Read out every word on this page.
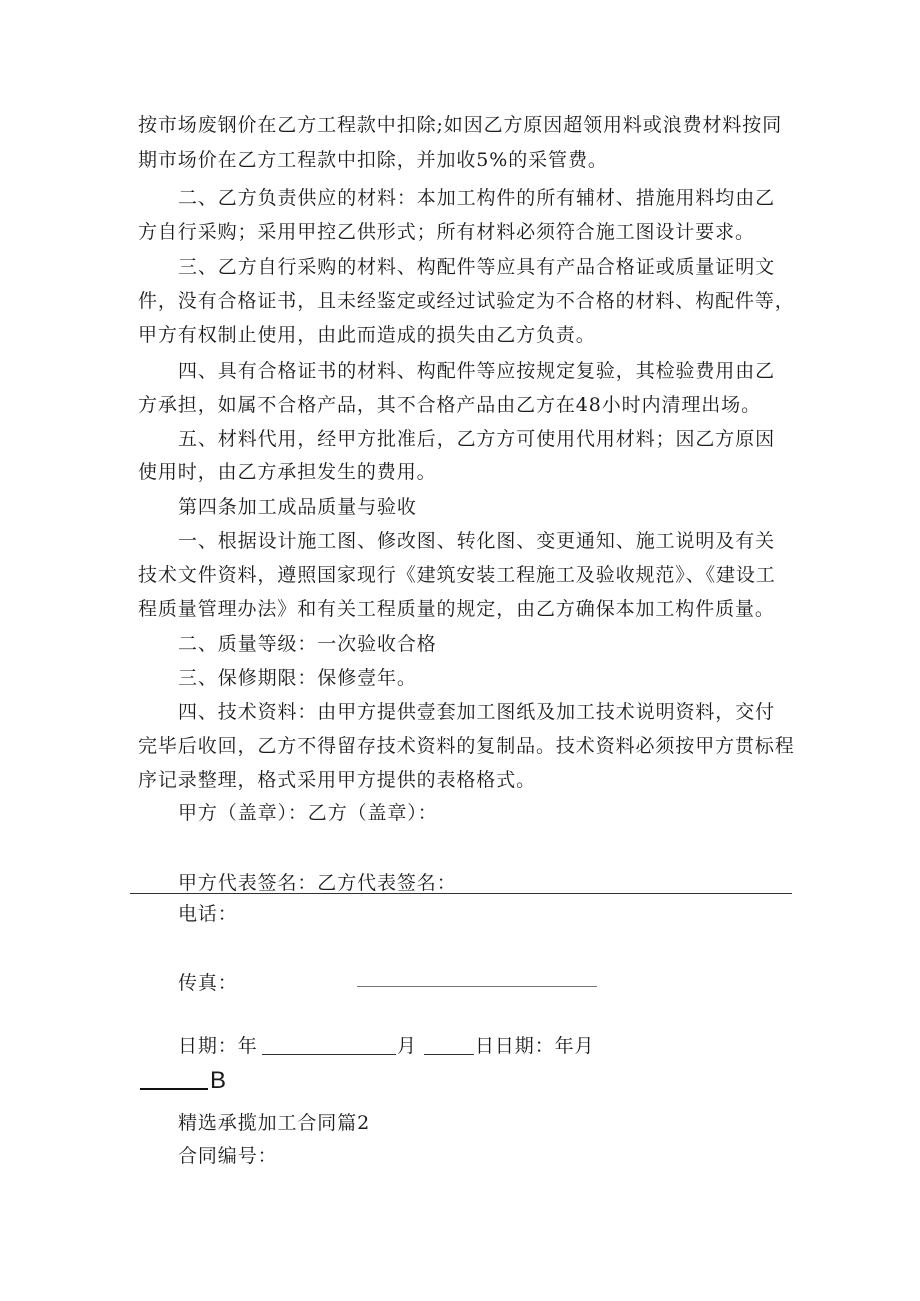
按市场废钢价在乙方工程款中扣除;如因乙方原因超领用料或浪费材料按同
期市场价在乙方工程款中扣除，并加收5%的采管费。
二、乙方负责供应的材料：本加工构件的所有辅材、措施用料均由乙
方自行采购；采用甲控乙供形式；所有材料必须符合施工图设计要求。
三、乙方自行采购的材料、构配件等应具有产品合格证或质量证明文
件，没有合格证书，且未经鉴定或经过试验定为不合格的材料、构配件等，
甲方有权制止使用，由此而造成的损失由乙方负责。
四、具有合格证书的材料、构配件等应按规定复验，其检验费用由乙
方承担，如属不合格产品，其不合格产品由乙方在48小时内清理出场。
五、材料代用，经甲方批准后，乙方方可使用代用材料；因乙方原因
使用时，由乙方承担发生的费用。
第四条加工成品质量与验收
一、根据设计施工图、修改图、转化图、变更通知、施工说明及有关
技术文件资料，遵照国家现行《建筑安装工程施工及验收规范》、《建设工
程质量管理办法》和有关工程质量的规定，由乙方确保本加工构件质量。
二、质量等级：一次验收合格
三、保修期限：保修壹年。
四、技术资料：由甲方提供壹套加工图纸及加工技术说明资料，交付
完毕后收回，乙方不得留存技术资料的复制品。技术资料必须按甲方贯标程
序记录整理，格式采用甲方提供的表格格式。
甲方（盖章）：乙方（盖章）：
甲方代表签名：乙方代表签名：
电话：
传真：
日期：年	月	日日期：年月
B
精选承揽加工合同篇2
合同编号：
